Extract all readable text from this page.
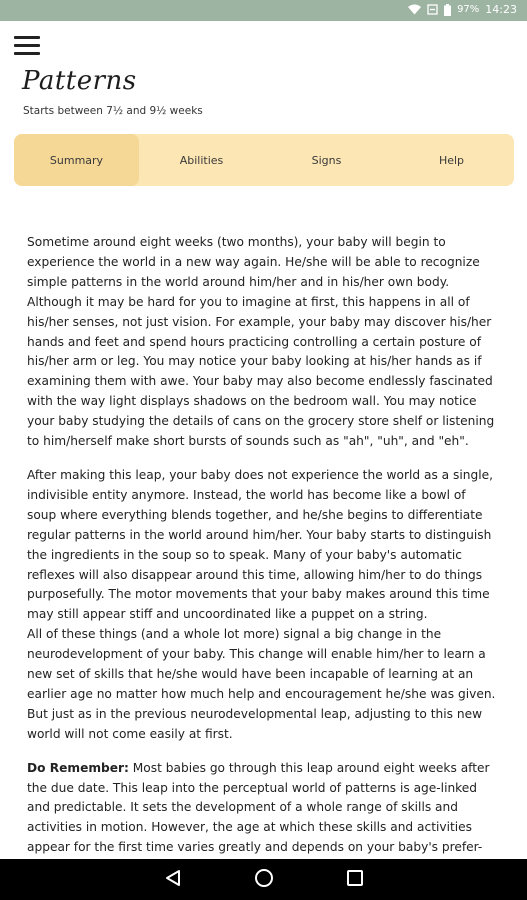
97% 14:23
Patterns
Starts between 7½ and 9½ weeks
Summary	Abilities	Signs	Help

Sometime around eight weeks (two months), your baby will begin to experience the world in a new way again. He/she will be able to recognize simple patterns in the world around him/her and in his/her own body. Although it may be hard for you to imagine at first, this happens in all of his/her senses, not just vision. For example, your baby may discover his/her hands and feet and spend hours practicing controlling a certain posture of his/her arm or leg. You may notice your baby looking at his/her hands as if examining them with awe. Your baby may also become endlessly fascinated with the way light displays shadows on the bedroom wall. You may notice your baby studying the details of cans on the grocery store shelf or listening to him/herself make short bursts of sounds such as "ah", "uh", and "eh".

After making this leap, your baby does not experience the world as a single, indivisible entity anymore. Instead, the world has become like a bowl of soup where everything blends together, and he/she begins to differentiate regular patterns in the world around him/her. Your baby starts to distinguish the ingredients in the soup so to speak. Many of your baby's automatic reflexes will also disappear around this time, allowing him/her to do things purposefully. The motor movements that your baby makes around this time may still appear stiff and uncoordinated like a puppet on a string.

All of these things (and a whole lot more) signal a big change in the neurodevelopment of your baby. This change will enable him/her to learn a new set of skills that he/she would have been incapable of learning at an earlier age no matter how much help and encouragement he/she was given. But just as in the previous neurodevelopmental leap, adjusting to this new world will not come easily at first.

Do Remember: Most babies go through this leap around eight weeks after the due date. This leap into the perceptual world of patterns is age-linked and predictable. It sets the development of a whole range of skills and activities in motion. However, the age at which these skills and activities appear for the first time varies greatly and depends on your baby's prefer-
